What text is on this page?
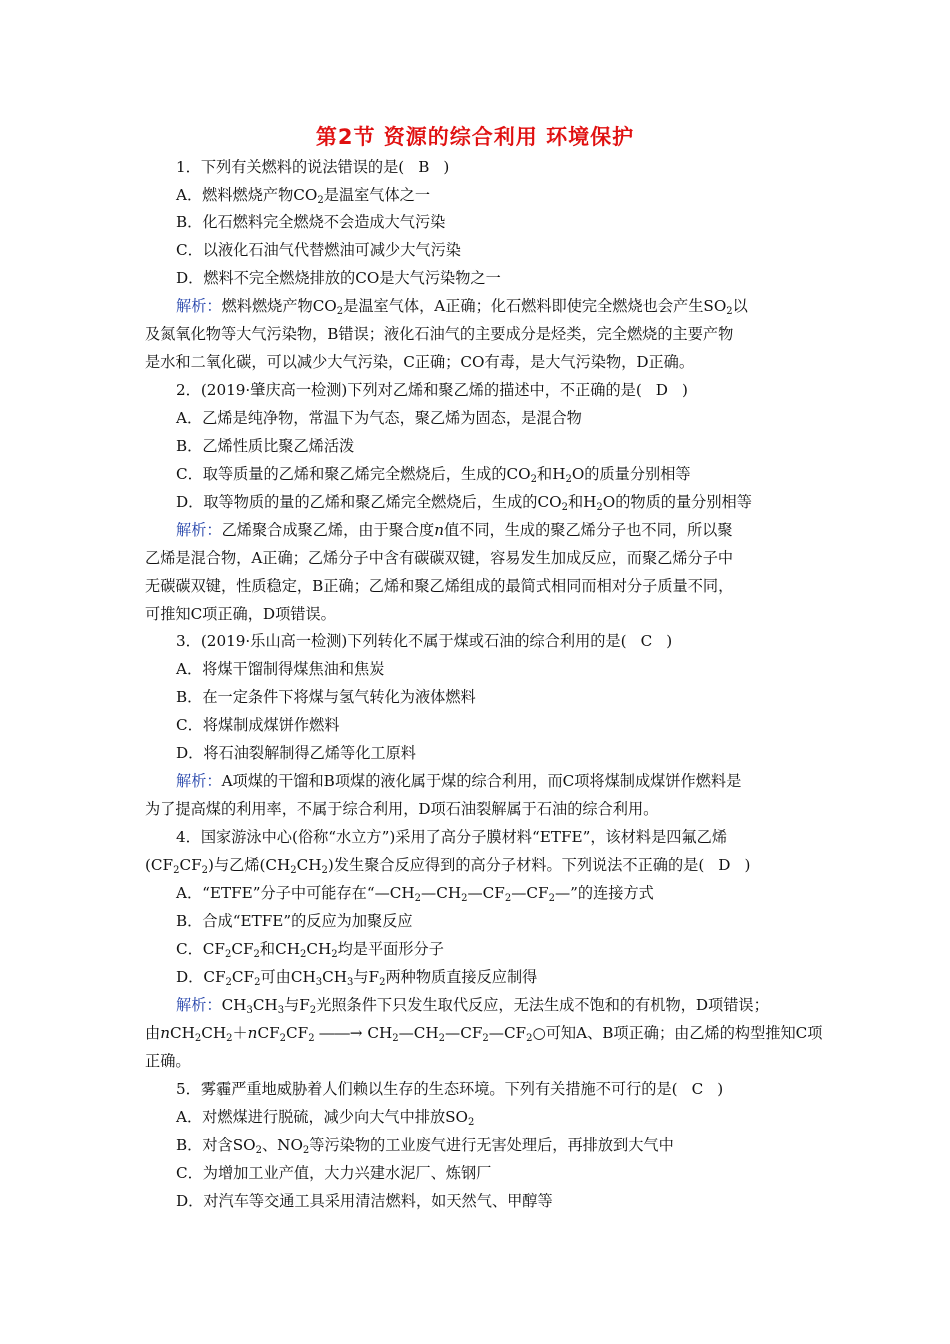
第2节 资源的综合利用 环境保护
1．下列有关燃料的说法错误的是( B )
A．燃料燃烧产物$CO_2$是温室气体之一
B．化石燃料完全燃烧不会造成大气污染
C．以液化石油气代替燃油可减少大气污染
D．燃料不完全燃烧排放的CO是大气污染物之一
解析：燃料燃烧产物$CO_2$是温室气体，A正确；化石燃料即使完全燃烧也会产生$SO_2$以
及氮氧化物等大气污染物，B错误；液化石油气的主要成分是烃类，完全燃烧的主要产物
是水和二氧化碳，可以减少大气污染，C正确；CO有毒，是大气污染物，D正确。
2．(2019·肇庆高一检测)下列对乙烯和聚乙烯的描述中，不正确的是( D )
A．乙烯是纯净物，常温下为气态，聚乙烯为固态，是混合物
B．乙烯性质比聚乙烯活泼
C．取等质量的乙烯和聚乙烯完全燃烧后，生成的$CO_2$和$H_2O$的质量分别相等
D．取等物质的量的乙烯和聚乙烯完全燃烧后，生成的$CO_2$和$H_2O$的物质的量分别相等
解析：乙烯聚合成聚乙烯，由于聚合度n值不同，生成的聚乙烯分子也不同，所以聚
乙烯是混合物，A正确；乙烯分子中含有碳碳双键，容易发生加成反应，而聚乙烯分子中
无碳碳双键，性质稳定，B正确；乙烯和聚乙烯组成的最简式相同而相对分子质量不同，
可推知C项正确，D项错误。
3．(2019·乐山高一检测)下列转化不属于煤或石油的综合利用的是( C )
A．将煤干馏制得煤焦油和焦炭
B．在一定条件下将煤与氢气转化为液体燃料
C．将煤制成煤饼作燃料
D．将石油裂解制得乙烯等化工原料
解析：A项煤的干馏和B项煤的液化属于煤的综合利用，而C项将煤制成煤饼作燃料是
为了提高煤的利用率，不属于综合利用，D项石油裂解属于石油的综合利用。
4．国家游泳中心(俗称“水立方”)采用了高分子膜材料“ETFE”，该材料是四氟乙烯
$(CF_2CF_2)$与乙烯$(CH_2CH_2)$发生聚合反应得到的高分子材料。下列说法不正确的是( D )
A．“ETFE”分子中可能存在“$—CH_2—CH_2—CF_2—CF_2—$”的连接方式
B．合成“ETFE”的反应为加聚反应
C．$CF_2CF_2$和$CH_2CH_2$均是平面形分子
D．$CF_2CF_2$可由$CH_3CH_3$与$F_2$两种物质直接反应制得
解析：$CH_3CH_3$与$F_2$光照条件下只发生取代反应，无法生成不饱和的有机物，D项错误；
由$nCH_2CH_2+nCF_2CF_2$ ――→ $CH_2—CH_2—CF_2—CF_2○$可知A、B项正确；由乙烯的构型推知C项
正确。
5．雾霾严重地威胁着人们赖以生存的生态环境。下列有关措施不可行的是( C )
A．对燃煤进行脱硫，减少向大气中排放$SO_2$
B．对含$SO_2$、$NO_2$等污染物的工业废气进行无害处理后，再排放到大气中
C．为增加工业产值，大力兴建水泥厂、炼钢厂
D．对汽车等交通工具采用清洁燃料，如天然气、甲醇等
